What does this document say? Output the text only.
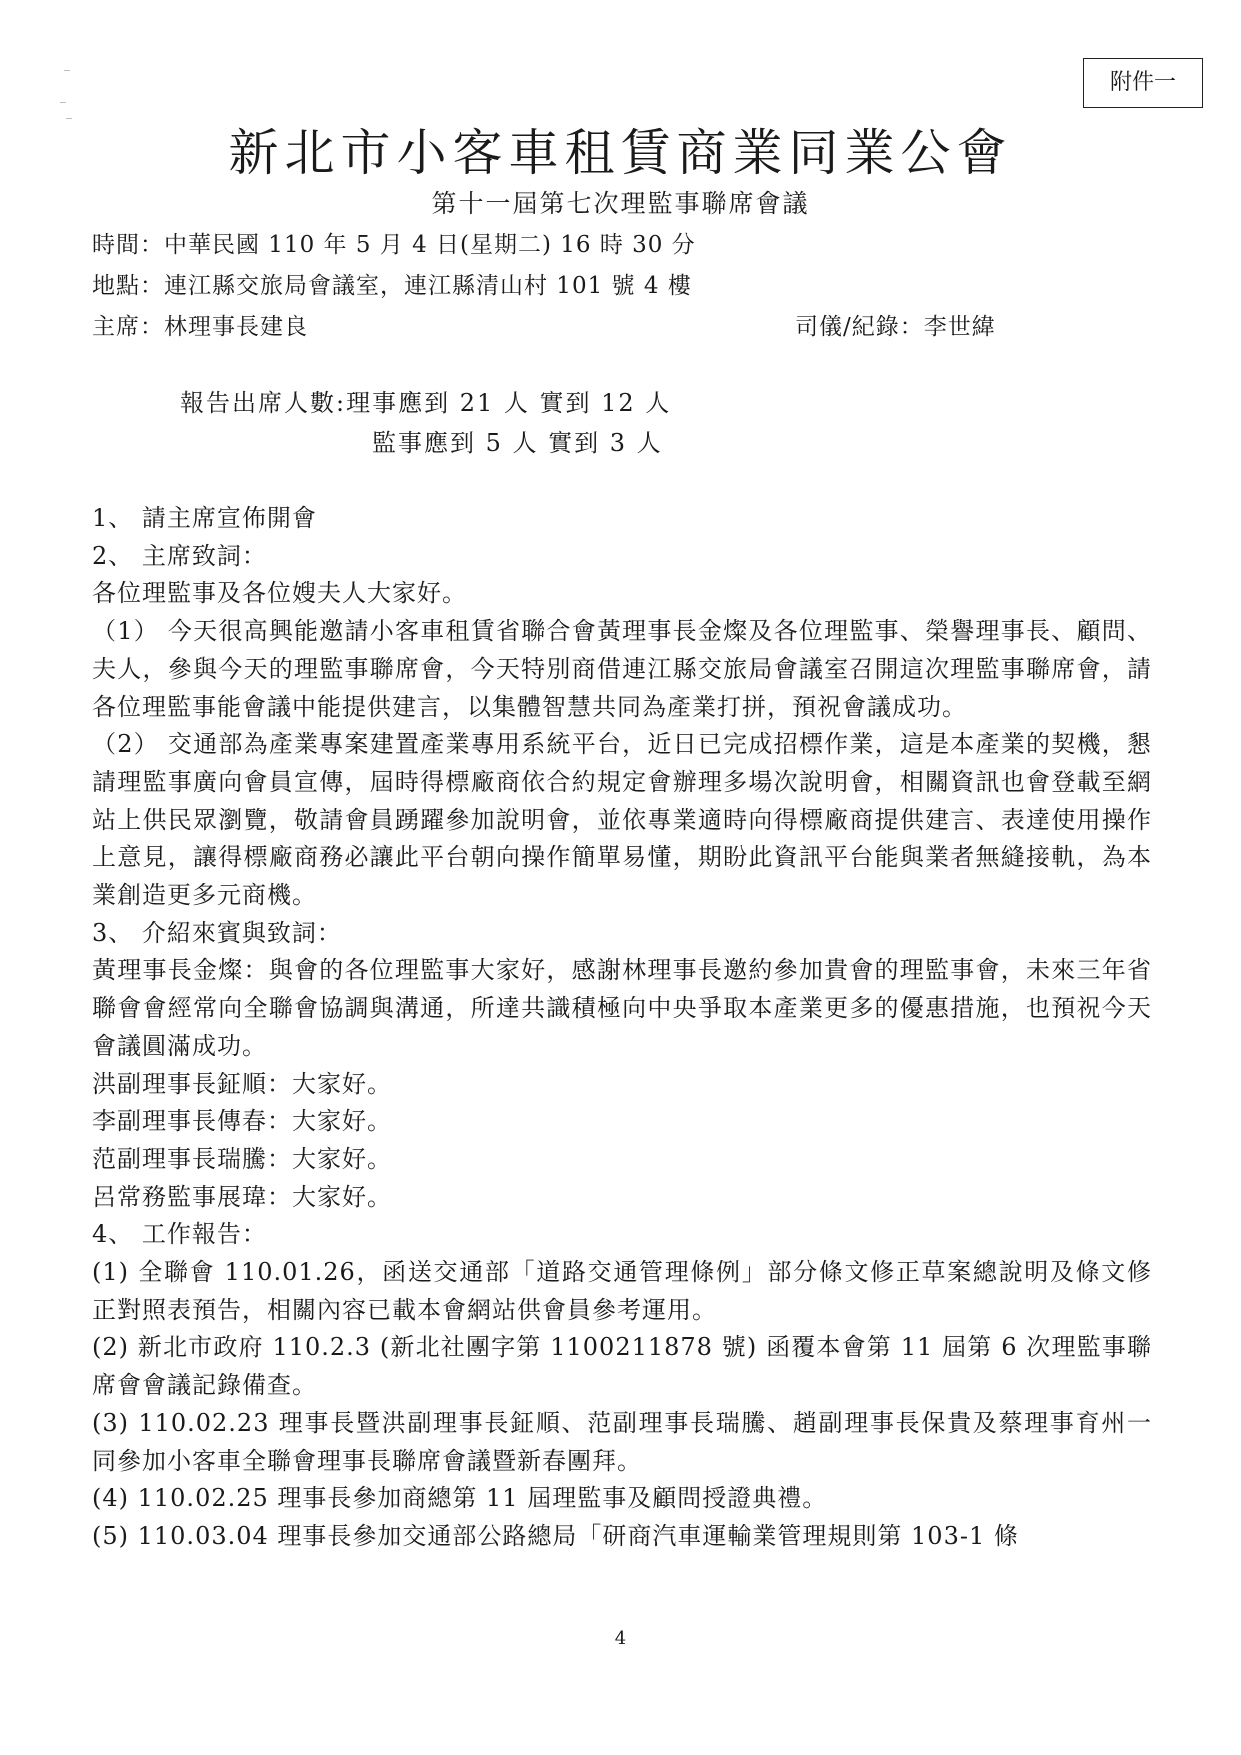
附件一
新北市小客車租賃商業同業公會
第十一屆第七次理監事聯席會議
時間：中華民國 110 年 5 月 4 日(星期二) 16 時 30 分
地點：連江縣交旅局會議室，連江縣清山村 101 號 4 樓
主席：林理事長建良	司儀/紀錄：李世緯
報告出席人數:理事應到 21 人 實到 12 人
監事應到 5 人 實到 3 人

1、 請主席宣佈開會

2、 主席致詞：

各位理監事及各位嫂夫人大家好。

（1） 今天很高興能邀請小客車租賃省聯合會黃理事長金燦及各位理監事、榮譽理事長、顧問、夫人，參與今天的理監事聯席會，今天特別商借連江縣交旅局會議室召開這次理監事聯席會，請各位理監事能會議中能提供建言，以集體智慧共同為產業打拼，預祝會議成功。

（2） 交通部為產業專案建置產業專用系統平台，近日已完成招標作業，這是本產業的契機，懇請理監事廣向會員宣傳，屆時得標廠商依合約規定會辦理多場次說明會，相關資訊也會登載至網站上供民眾瀏覽，敬請會員踴躍參加說明會，並依專業適時向得標廠商提供建言、表達使用操作上意見，讓得標廠商務必讓此平台朝向操作簡單易懂，期盼此資訊平台能與業者無縫接軌，為本業創造更多元商機。

3、 介紹來賓與致詞：

黃理事長金燦：與會的各位理監事大家好，感謝林理事長邀約參加貴會的理監事會，未來三年省聯會會經常向全聯會協調與溝通，所達共識積極向中央爭取本產業更多的優惠措施，也預祝今天會議圓滿成功。

洪副理事長鉦順：大家好。

李副理事長傳春：大家好。

范副理事長瑞騰：大家好。

呂常務監事展瑋：大家好。

4、 工作報告：

(1) 全聯會 110.01.26，函送交通部「道路交通管理條例」部分條文修正草案總說明及條文修正對照表預告，相關內容已載本會網站供會員參考運用。

(2) 新北市政府 110.2.3 (新北社團字第 1100211878 號) 函覆本會第 11 屆第 6 次理監事聯席會會議記錄備查。

(3) 110.02.23 理事長暨洪副理事長鉦順、范副理事長瑞騰、趙副理事長保貴及蔡理事育州一同參加小客車全聯會理事長聯席會議暨新春團拜。

(4) 110.02.25 理事長參加商總第 11 屆理監事及顧問授證典禮。

(5) 110.03.04 理事長參加交通部公路總局「研商汽車運輸業管理規則第 103-1 條

4
